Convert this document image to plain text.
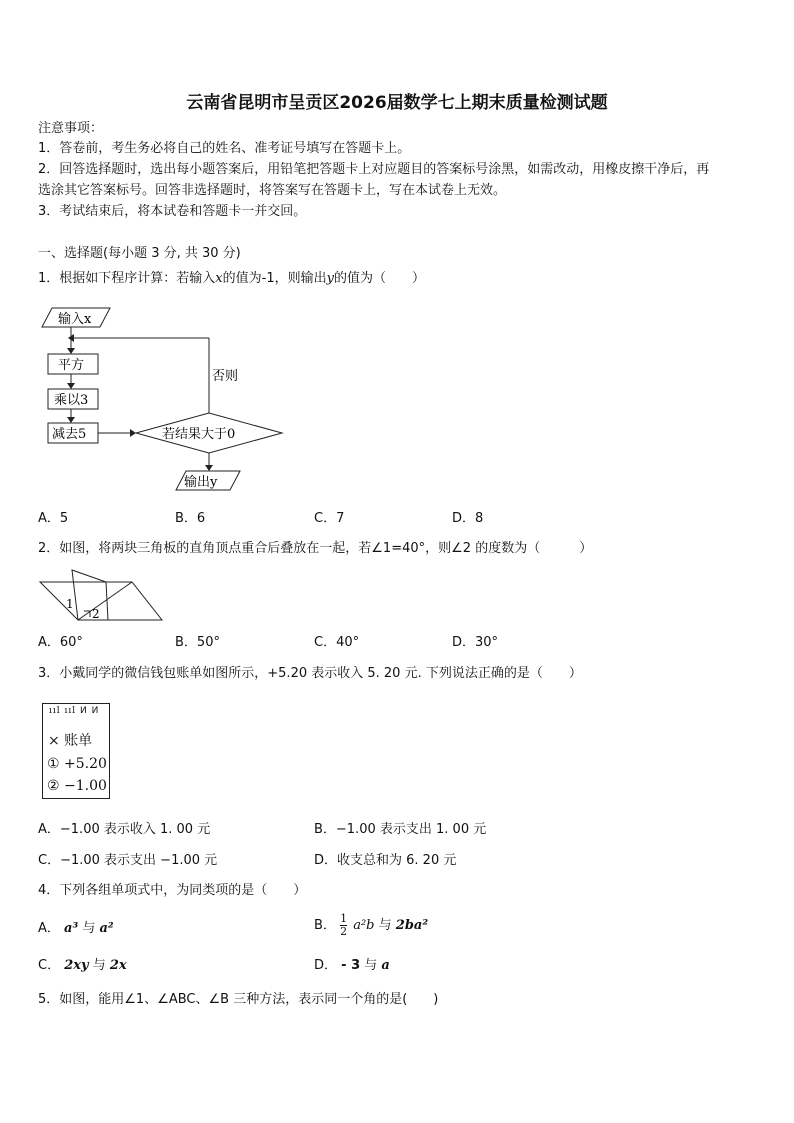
云南省昆明市呈贡区2026届数学七上期末质量检测试题
注意事项：
1．答卷前，考生务必将自己的姓名、准考证号填写在答题卡上。
2．回答选择题时，选出每小题答案后，用铅笔把答题卡上对应题目的答案标号涂黑，如需改动，用橡皮擦干净后，再
选涂其它答案标号。回答非选择题时，将答案写在答题卡上，写在本试卷上无效。
3．考试结束后，将本试卷和答题卡一并交回。
一、选择题(每小题 3 分, 共 30 分)
1．根据如下程序计算：若输入x的值为-1，则输出y的值为（　　）
输入x
平方
乘以3
减去5	若结果大于0
否则
输出y
A．5	B．6	C．7	D．8
2．如图，将两块三角板的直角顶点重合后叠放在一起，若∠1=40°，则∠2 的度数为（　　　）
1
2
A．60°	B．50°	C．40°	D．30°
3．小戴同学的微信钱包账单如图所示，+5.20 表示收入 5. 20 元. 下列说法正确的是（　　）
ııl ııl ⵍ ⵍ
× 账单
① +5.20
② −1.00
A．−1.00 表示收入 1. 00 元	B．−1.00 表示支出 1. 00 元
C．−1.00 表示支出 −1.00 元	D．收支总和为 6. 20 元
4．下列各组单项式中，为同类项的是（　　）
A． a³ 与 a²	B． $\frac{1}{2} a^2b$ 与 2ba²
C． 2xy 与 2x	D． - 3 与 a
5．如图，能用∠1、∠ABC、∠B 三种方法，表示同一个角的是(　　)
